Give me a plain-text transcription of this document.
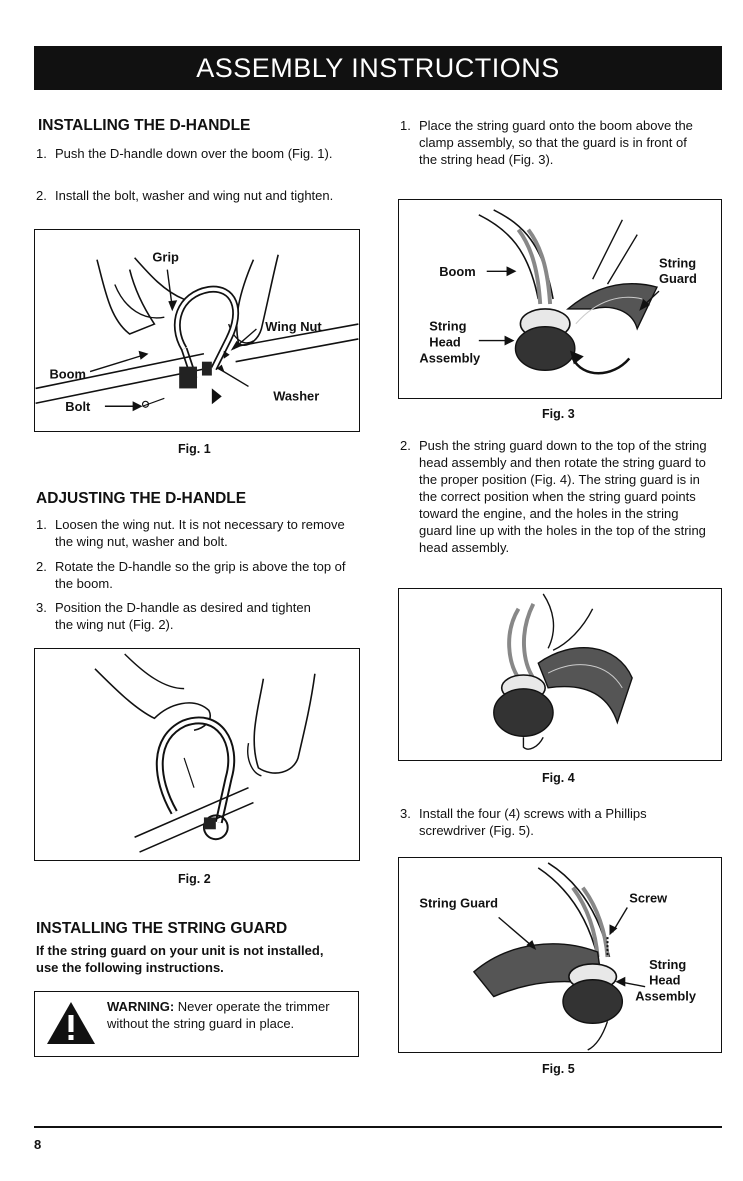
ASSEMBLY INSTRUCTIONS
INSTALLING THE D-HANDLE
1. Push the D-handle down over the boom (Fig. 1).
2. Install the bolt, washer and wing nut and tighten.
Grip
Wing Nut
Boom
Washer
Bolt
Fig. 1
ADJUSTING THE D-HANDLE
1. Loosen the wing nut. It is not necessary to remove the wing nut, washer and bolt.
2. Rotate the D-handle so the grip is above the top of the boom.
3. Position the D-handle as desired and tighten the wing nut (Fig. 2).
Fig. 2
INSTALLING THE STRING GUARD
If the string guard on your unit is not installed, use the following instructions.
WARNING: Never operate the trimmer without the string guard in place.
1. Place the string guard onto the boom above the clamp assembly, so that the guard is in front of the string head (Fig. 3).
Boom
String
Guard
String
Head
Assembly
Fig. 3
2. Push the string guard down to the top of the string head assembly and then rotate the string guard to the proper position (Fig. 4). The string guard is in the correct position when the string guard points toward the engine, and the holes in the string guard line up with the holes in the top of the string head assembly.
Fig. 4
3. Install the four (4) screws with a Phillips screwdriver (Fig. 5).
String Guard	Screw
String
Head
Assembly
Fig. 5
8
